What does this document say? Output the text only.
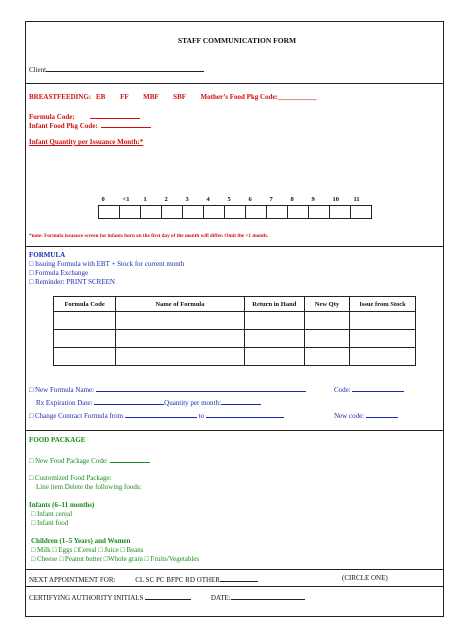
STAFF COMMUNICATION FORM
Client
BREASTFEEDING: EB FF MBF SBF Mother’s Food Pkg Code:___________
Formula Code:
Infant Food Pkg Code:
Infant Quantity per Issuance Month:*
0	<1	1	2	3	4	5	6	7	8	9	10	11

*note: Formula issuance screen for infants born on the first day of the month will differ. Omit the <1 month.
FORMULA
□ Issuing Formula with EBT + Stock for current month
□ Formula Exchange
□ Reminder: PRINT SCREEN
Formula Code	Name of Formula	Return in Hand	New Qty	Issue from Stock

□ New Formula Name:	Code:
Rx Expiration Date:	Quantity per month:
□ Change Contract Formula from	to	New code:
FOOD PACKAGE
□ New Food Package Code:
□ Customized Food Package:
Line item Delete the following foods:
Infants (6–11 months)
□ Infant cereal
□ Infant food
Children (1–5 Years) and Women
□ Milk □ Eggs □Cereal □ Juice □ Beans
□ Cheese □ Peanut butter □Whole grain □ Fruits/Vegetables
NEXT APPOINTMENT FOR:	CL SC PC BFPC RD OTHER	(CIRCLE ONE)
CERTIFYING AUTHORITY INITIALS	DATE:
